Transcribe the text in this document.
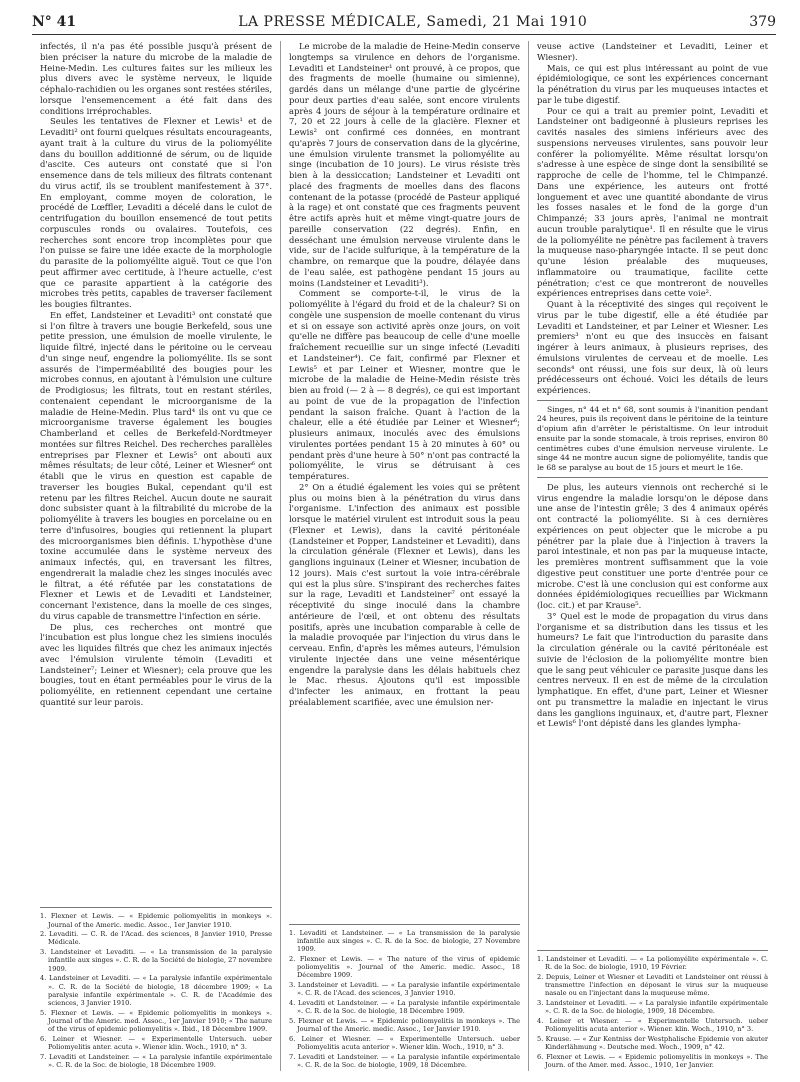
N° 41	LA PRESSE MÉDICALE, Samedi, 21 Mai 1910	379

infectés, il n'a pas été possible jusqu'à présent de bien préciser la nature du microbe de la maladie de Heine-Medin. Les cultures faites sur les milieux les plus divers avec le système nerveux, le liquide céphalo-rachidien ou les organes sont restées stériles, lorsque l'ensemencement a été fait dans des conditions irréprochables.

Seules les tentatives de Flexner et Lewis¹ et de Levaditi² ont fourni quelques résultats encourageants, ayant trait à la culture du virus de la poliomyélite dans du bouillon additionné de sérum, ou de liquide d'ascite. Ces auteurs ont constaté que si l'on ensemence dans de tels milieux des filtrats contenant du virus actif, ils se troublent manifestement à 37°. En employant, comme moyen de coloration, le procédé de Lœffler, Levaditi a décelé dans le culot de centrifugation du bouillon ensemencé de tout petits corpuscules ronds ou ovalaires. Toutefois, ces recherches sont encore trop incomplètes pour que l'on puisse se faire une idée exacte de la morphologie du parasite de la poliomyélite aiguë. Tout ce que l'on peut affirmer avec certitude, à l'heure actuelle, c'est que ce parasite appartient à la catégorie des microbes très petits, capables de traverser facilement les bougies filtrantes.

En effet, Landsteiner et Levaditi³ ont constaté que si l'on filtre à travers une bougie Berkefeld, sous une petite pression, une émulsion de moelle virulente, le liquide filtré, injecté dans le péritoine ou le cerveau d'un singe neuf, engendre la poliomyélite. Ils se sont assurés de l'imperméabilité des bougies pour les microbes connus, en ajoutant à l'émulsion une culture de Prodigiosus; les filtrats, tout en restant stériles, contenaient cependant le microorganisme de la maladie de Heine-Medin. Plus tard⁴ ils ont vu que ce microorganisme traverse également les bougies Chamberland et celles de Berkefeld-Nordtmeyer montées sur filtres Reichel. Des recherches parallèles entreprises par Flexner et Lewis⁵ ont abouti aux mêmes résultats; de leur côté, Leiner et Wiesner⁶ ont établi que le virus en question est capable de traverser les bougies Bukal, cependant qu'il est retenu par les filtres Reichel. Aucun doute ne saurait donc subsister quant à la filtrabilité du microbe de la poliomyélite à travers les bougies en porcelaine ou en terre d'infusoires, bougies qui retiennent la plupart des microorganismes bien définis. L'hypothèse d'une toxine accumulée dans le système nerveux des animaux infectés, qui, en traversant les filtres, engendrerait la maladie chez les singes inoculés avec le filtrat, a été réfutée par les constatations de Flexner et Lewis et de Levaditi et Landsteiner, concernant l'existence, dans la moelle de ces singes, du virus capable de transmettre l'infection en série.

De plus, ces recherches ont montré que l'incubation est plus longue chez les simiens inoculés avec les liquides filtrés que chez les animaux injectés avec l'émulsion virulente témoin (Levaditi et Landsteiner⁷; Leiner et Wiesner); cela prouve que les bougies, tout en étant perméables pour le virus de la poliomyélite, en retiennent cependant une certaine quantité sur leur parois.

1. Flexner et Lewis. — « Epidemic poliomyelitis in monkeys ». Journal of the Americ. medic. Assoc., 1er Janvier 1910.
2. Levaditi. — C. R. de l'Acad. des sciences, 8 Janvier 1910, Presse Médicale.
3. Landsteiner et Levaditi. — « La transmission de la paralysie infantile aux singes ». C. R. de la Société de biologie, 27 novembre 1909.
4. Landsteiner et Levaditi. — « La paralysie infantile expérimentale ». C. R. de la Société de biologie, 18 décembre 1909; « La paralysie infantile expérimentale ». C. R. de l'Académie des sciences, 3 Janvier 1910.
5. Flexner et Lewis. — « Epidemic poliomyelitis in monkeys ». Journal of the Americ. med. Assoc., 1er Janvier 1910; « The nature of the virus of epidemic poliomyelitis ». Ibid., 18 Décembre 1909.
6. Leiner et Wiesner. — « Experimentelle Untersuch. ueber Poliomyelitis anter. acuta ». Wiener klin. Woch., 1910, n° 3.
7. Levaditi et Landsteiner. — « La paralysie infantile expérimentale ». C. R. de la Soc. de biologie, 18 Décembre 1909.

Le microbe de la maladie de Heine-Medin conserve longtemps sa virulence en dehors de l'organisme. Levaditi et Landsteiner¹ ont prouvé, à ce propos, que des fragments de moelle (humaine ou simienne), gardés dans un mélange d'une partie de glycérine pour deux parties d'eau salée, sont encore virulents après 4 jours de séjour à la température ordinaire et 7, 20 et 22 jours à celle de la glacière. Flexner et Lewis² ont confirmé ces données, en montrant qu'après 7 jours de conservation dans de la glycérine, une émulsion virulente transmet la poliomyélite au singe (incubation de 10 jours). Le virus résiste très bien à la dessiccation; Landsteiner et Levaditi ont placé des fragments de moelles dans des flacons contenant de la potasse (procédé de Pasteur appliqué à la rage) et ont constaté que ces fragments peuvent être actifs après huit et même vingt-quatre jours de pareille conservation (22 degrés). Enfin, en desséchant une émulsion nerveuse virulente dans le vide, sur de l'acide sulfurique, à la température de la chambre, on remarque que la poudre, délayée dans de l'eau salée, est pathogène pendant 15 jours au moins (Landsteiner et Levaditi³).

Comment se comporte-t-il, le virus de la poliomyélite à l'égard du froid et de la chaleur? Si on congèle une suspension de moelle contenant du virus et si on essaye son activité après onze jours, on voit qu'elle ne diffère pas beaucoup de celle d'une moelle fraîchement recueillie sur un singe infecté (Levaditi et Landsteiner⁴). Ce fait, confirmé par Flexner et Lewis⁵ et par Leiner et Wiesner, montre que le microbe de la maladie de Heine-Medin résiste très bien au froid (— 2 à — 8 degrés), ce qui est important au point de vue de la propagation de l'infection pendant la saison fraîche. Quant à l'action de la chaleur, elle a été étudiée par Leiner et Wiesner⁶; plusieurs animaux, inoculés avec des émulsions virulentes portées pendant 15 à 20 minutes à 60° ou pendant près d'une heure à 50° n'ont pas contracté la poliomyélite, le virus se détruisant à ces températures.

2° On a étudié également les voies qui se prêtent plus ou moins bien à la pénétration du virus dans l'organisme. L'infection des animaux est possible lorsque le matériel virulent est introduit sous la peau (Flexner et Lewis), dans la cavité péritonéale (Landsteiner et Popper, Landsteiner et Levaditi), dans la circulation générale (Flexner et Lewis), dans les ganglions inguinaux (Leiner et Wiesner, incubation de 12 jours). Mais c'est surtout la voie intra-cérébrale qui est la plus sûre. S'inspirant des recherches faites sur la rage, Levaditi et Landsteiner⁷ ont essayé la réceptivité du singe inoculé dans la chambre antérieure de l'œil, et ont obtenu des résultats positifs, après une incubation comparable à celle de la maladie provoquée par l'injection du virus dans le cerveau. Enfin, d'après les mêmes auteurs, l'émulsion virulente injectée dans une veine mésentérique engendre la paralysie dans les délais habituels chez le Mac. rhesus. Ajoutons qu'il est impossible d'infecter les animaux, en frottant la peau préalablement scarifiée, avec une émulsion ner-

1. Levaditi et Landsteiner. — « La transmission de la paralysie infantile aux singes ». C. R. de la Soc. de biologie, 27 Novembre 1909.
2. Flexner et Lewis. — « The nature of the virus of epidemic poliomyelitis ». Journal of the Americ. medic. Assoc., 18 Décembre 1909.
3. Landsteiner et Levaditi. — « La paralysie infantile expérimentale ». C. R. de l'Acad. des sciences, 3 Janvier 1910.
4. Levaditi et Landsteiner. — « La paralysie infantile expérimentale ». C. R. de la Soc. de biologie, 18 Décembre 1909.
5. Flexner et Lewis. — « Epidemic poliomyelitis in monkeys ». The Journal of the Americ. medic. Assoc., 1er Janvier 1910.
6. Leiner et Wiesner. — « Experimentelle Untersuch. ueber Poliomyelitis acuta anterior ». Wiener klin. Woch., 1910, n° 3.
7. Levaditi et Landsteiner. — « La paralysie infantile expérimentale ». C. R. de la Soc. de biologie, 1909, 18 Décembre.

veuse active (Landsteiner et Levaditi, Leiner et Wiesner).

Mais, ce qui est plus intéressant au point de vue épidémiologique, ce sont les expériences concernant la pénétration du virus par les muqueuses intactes et par le tube digestif.

Pour ce qui a trait au premier point, Levaditi et Landsteiner ont badigeonné à plusieurs reprises les cavités nasales des simiens inférieurs avec des suspensions nerveuses virulentes, sans pouvoir leur conférer la poliomyélite. Même résultat lorsqu'on s'adresse à une espèce de singe dont la sensibilité se rapproche de celle de l'homme, tel le Chimpanzé. Dans une expérience, les auteurs ont frotté longuement et avec une quantité abondante de virus les fosses nasales et le fond de la gorge d'un Chimpanzé; 33 jours après, l'animal ne montrait aucun trouble paralytique¹. Il en résulte que le virus de la poliomyélite ne pénètre pas facilement à travers la muqueuse naso-pharyngée intacte. Il se peut donc qu'une lésion préalable des muqueuses, inflammatoire ou traumatique, facilite cette pénétration; c'est ce que montreront de nouvelles expériences entreprises dans cette voie².

Quant à la réceptivité des singes qui reçoivent le virus par le tube digestif, elle a été étudiée par Levaditi et Landsteiner, et par Leiner et Wiesner. Les premiers³ n'ont eu que des insuccès en faisant ingérer à leurs animaux, à plusieurs reprises, des émulsions virulentes de cerveau et de moelle. Les seconds⁴ ont réussi, une fois sur deux, là où leurs prédécesseurs ont échoué. Voici les détails de leurs expériences.

Singes, n° 44 et n° 68, sont soumis à l'inanition pendant 24 heures, puis ils reçoivent dans le péritoine de la teinture d'opium afin d'arrêter le péristaltisme. On leur introduit ensuite par la sonde stomacale, à trois reprises, environ 80 centimètres cubes d'une émulsion nerveuse virulente. Le singe 44 ne montre aucun signe de poliomyélite, tandis que le 68 se paralyse au bout de 15 jours et meurt le 16e.

De plus, les auteurs viennois ont recherché si le virus engendre la maladie lorsqu'on le dépose dans une anse de l'intestin grêle; 3 des 4 animaux opérés ont contracté la poliomyélite. Si à ces dernières expériences on peut objecter que le microbe a pu pénétrer par la plaie due à l'injection à travers la paroi intestinale, et non pas par la muqueuse intacte, les premières montrent suffisamment que la voie digestive peut constituer une porte d'entrée pour ce microbe. C'est là une conclusion qui est conforme aux données épidémiologiques recueillies par Wickmann (loc. cit.) et par Krause⁵.

3° Quel est le mode de propagation du virus dans l'organisme et sa distribution dans les tissus et les humeurs? Le fait que l'introduction du parasite dans la circulation générale ou la cavité péritonéale est suivie de l'éclosion de la poliomyélite montre bien que le sang peut véhiculer ce parasite jusque dans les centres nerveux. Il en est de même de la circulation lymphatique. En effet, d'une part, Leiner et Wiesner ont pu transmettre la maladie en injectant le virus dans les ganglions inguinaux, et, d'autre part, Flexner et Lewis⁶ l'ont dépisté dans les glandes lympha-

1. Landsteiner et Levaditi. — « La poliomyélite expérimentale ». C. R. de la Soc. de biologie, 1910, 19 Février.
2. Depuis, Leiner et Wiesner et Levaditi et Landsteiner ont réussi à transmettre l'infection en déposant le virus sur la muqueuse nasale ou en l'injectant dans la muqueuse même.
3. Landsteiner et Levaditi. — « La paralysie infantile expérimentale ». C. R. de la Soc. de biologie, 1909, 18 Décembre.
4. Leiner et Wiesner. — « Experimentelle Untersuch. ueber Poliomyelitis acuta anterior ». Wiener. klin. Woch., 1910, n° 3.
5. Krause. — « Zur Kentniss der Westphalische Epidemie von akuter Kinderlähmung ». Deutsche med. Woch., 1909, n° 42.
6. Flexner et Lewis. — « Epidemic poliomyelitis in monkeys ». The Journ. of the Amer. med. Assoc., 1910, 1er Janvier.
